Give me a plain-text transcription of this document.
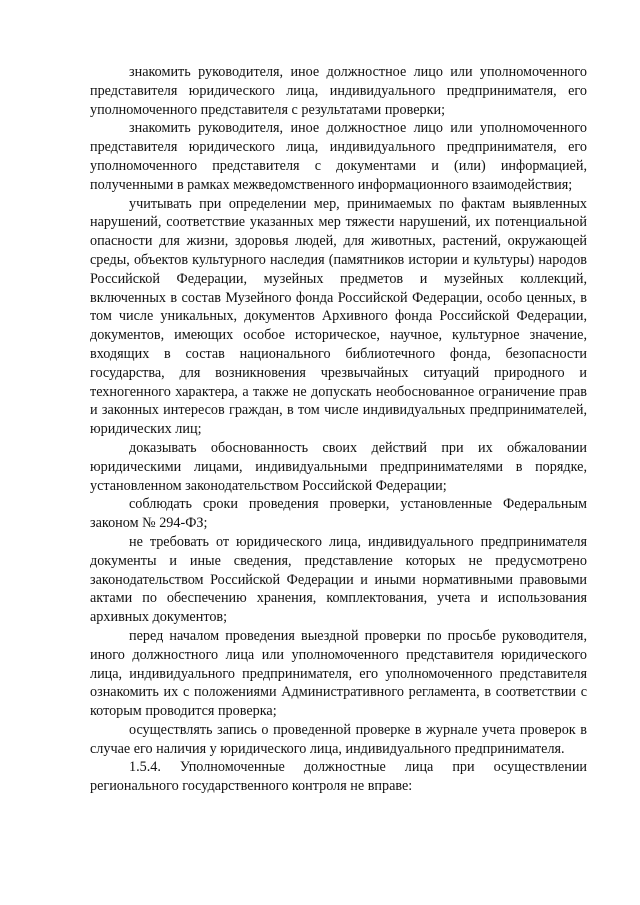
знакомить руководителя, иное должностное лицо или уполномоченного представителя юридического лица, индивидуального предпринимателя, его уполномоченного представителя с результатами проверки;

знакомить руководителя, иное должностное лицо или уполномоченного представителя юридического лица, индивидуального предпринимателя, его уполномоченного представителя с документами и (или) информацией, полученными в рамках межведомственного информационного взаимодействия;

учитывать при определении мер, принимаемых по фактам выявленных нарушений, соответствие указанных мер тяжести нарушений, их потенциальной опасности для жизни, здоровья людей, для животных, растений, окружающей среды, объектов культурного наследия (памятников истории и культуры) народов Российской Федерации, музейных предметов и музейных коллекций, включенных в состав Музейного фонда Российской Федерации, особо ценных, в том числе уникальных, документов Архивного фонда Российской Федерации, документов, имеющих особое историческое, научное, культурное значение, входящих в состав национального библиотечного фонда, безопасности государства, для возникновения чрезвычайных ситуаций природного и техногенного характера, а также не допускать необоснованное ограничение прав и законных интересов граждан, в том числе индивидуальных предпринимателей, юридических лиц;

доказывать обоснованность своих действий при их обжаловании юридическими лицами, индивидуальными предпринимателями в порядке, установленном законодательством Российской Федерации;

соблюдать сроки проведения проверки, установленные Федеральным законом № 294-ФЗ;

не требовать от юридического лица, индивидуального предпринимателя документы и иные сведения, представление которых не предусмотрено законодательством Российской Федерации и иными нормативными правовыми актами по обеспечению хранения, комплектования, учета и использования архивных документов;

перед началом проведения выездной проверки по просьбе руководителя, иного должностного лица или уполномоченного представителя юридического лица, индивидуального предпринимателя, его уполномоченного представителя ознакомить их с положениями Административного регламента, в соответствии с которым проводится проверка;

осуществлять запись о проведенной проверке в журнале учета проверок в случае его наличия у юридического лица, индивидуального предпринимателя.

1.5.4. Уполномоченные должностные лица при осуществлении регионального государственного контроля не вправе:
